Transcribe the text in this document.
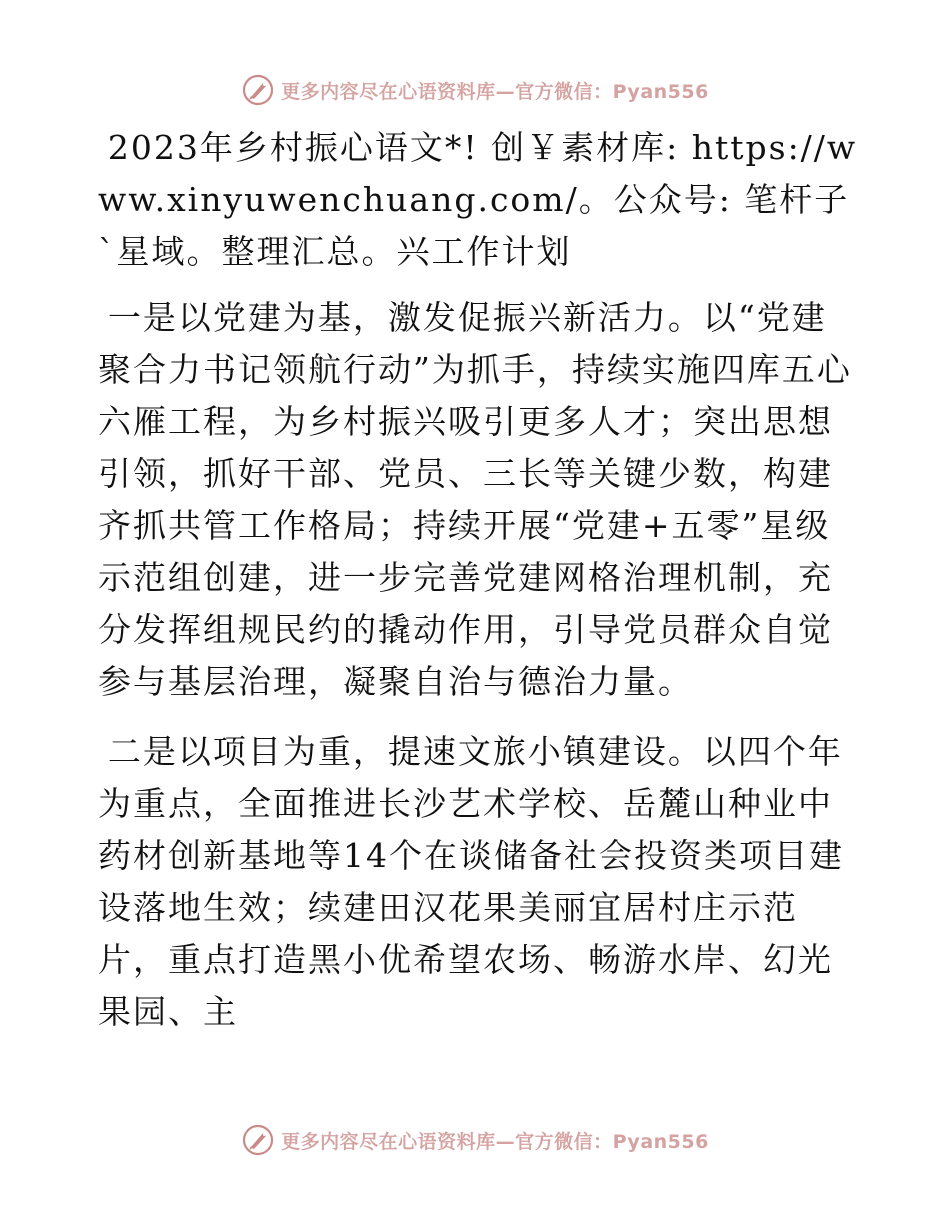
更多内容尽在心语资料库—官方微信：Pyan556

2023年乡村振心语文*! 创￥素材库: https://www.xinyuwenchuang.com/。公众号: 笔杆子`星域。整理汇总。兴工作计划

一是以党建为基，激发促振兴新活力。以“党建聚合力书记领航行动”为抓手，持续实施四库五心六雁工程，为乡村振兴吸引更多人才；突出思想引领，抓好干部、党员、三长等关键少数，构建齐抓共管工作格局；持续开展“党建+五零”星级示范组创建，进一步完善党建网格治理机制，充分发挥组规民约的撬动作用，引导党员群众自觉参与基层治理，凝聚自治与德治力量。

二是以项目为重，提速文旅小镇建设。以四个年为重点，全面推进长沙艺术学校、岳麓山种业中药材创新基地等14个在谈储备社会投资类项目建设落地生效；续建田汉花果美丽宜居村庄示范片，重点打造黑小优希望农场、畅游水岸、幻光果园、主

更多内容尽在心语资料库—官方微信：Pyan556
